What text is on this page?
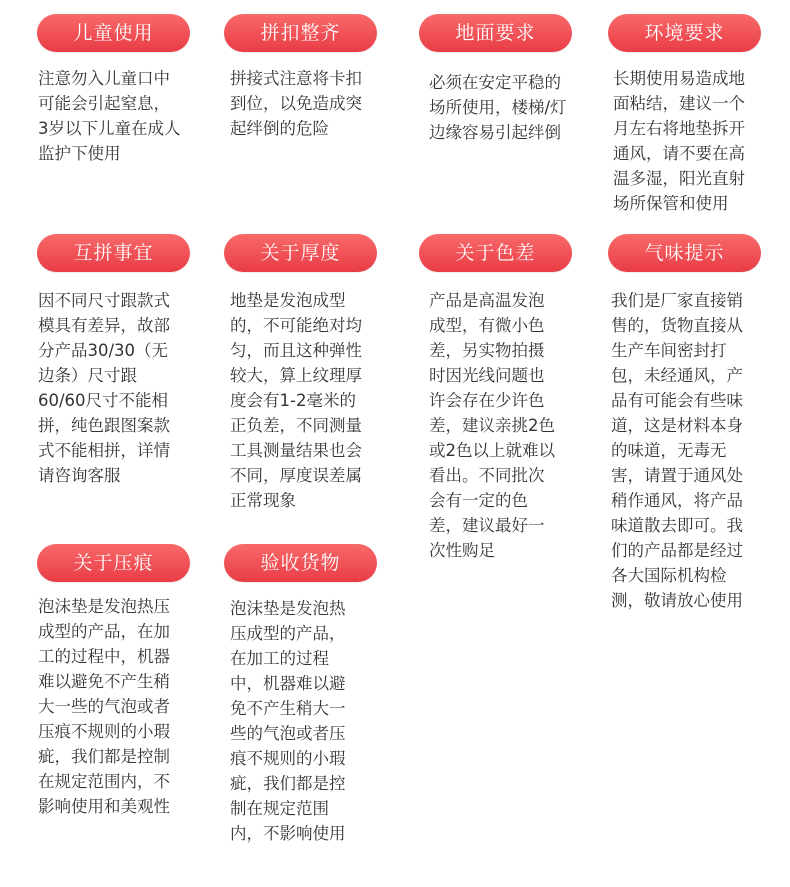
儿童使用
注意勿入儿童口中
可能会引起窒息，
3岁以下儿童在成人
监护下使用
拼扣整齐
拼接式注意将卡扣
到位，以免造成突
起绊倒的危险
地面要求
必须在安定平稳的
场所使用，楼梯/灯
边缘容易引起绊倒
环境要求
长期使用易造成地
面粘结，建议一个
月左右将地垫拆开
通风，请不要在高
温多湿，阳光直射
场所保管和使用
互拼事宜
因不同尺寸跟款式
模具有差异，故部
分产品30/30（无
边条）尺寸跟
60/60尺寸不能相
拼，纯色跟图案款
式不能相拼，详情
请咨询客服
关于厚度
地垫是发泡成型
的，不可能绝对均
匀，而且这种弹性
较大，算上纹理厚
度会有1-2毫米的
正负差，不同测量
工具测量结果也会
不同，厚度误差属
正常现象
关于色差
产品是高温发泡
成型，有微小色
差，另实物拍摄
时因光线问题也
许会存在少许色
差，建议亲挑2色
或2色以上就难以
看出。不同批次
会有一定的色
差，建议最好一
次性购足
气味提示
我们是厂家直接销
售的，货物直接从
生产车间密封打
包，未经通风，产
品有可能会有些味
道，这是材料本身
的味道，无毒无
害，请置于通风处
稍作通风，将产品
味道散去即可。我
们的产品都是经过
各大国际机构检
测，敬请放心使用
关于压痕
泡沫垫是发泡热压
成型的产品，在加
工的过程中，机器
难以避免不产生稍
大一些的气泡或者
压痕不规则的小瑕
疵，我们都是控制
在规定范围内，不
影响使用和美观性
验收货物
泡沫垫是发泡热
压成型的产品，
在加工的过程
中，机器难以避
免不产生稍大一
些的气泡或者压
痕不规则的小瑕
疵，我们都是控
制在规定范围
内，不影响使用
